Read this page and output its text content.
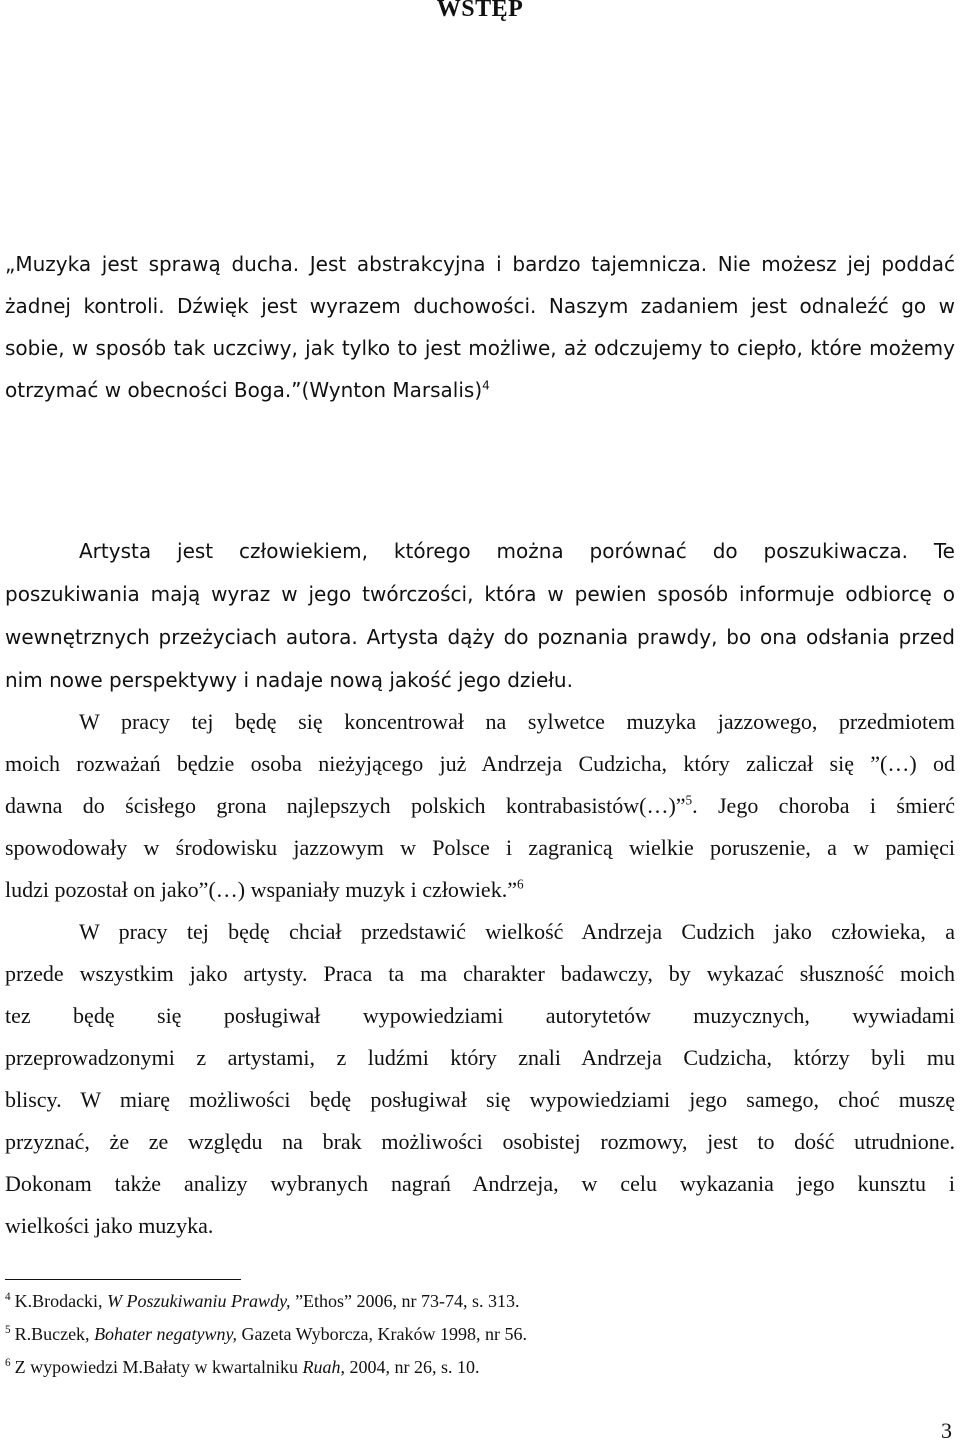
WSTĘP
„Muzyka jest sprawą ducha. Jest abstrakcyjna i bardzo tajemnicza. Nie możesz jej poddać
żadnej kontroli. Dźwięk jest wyrazem duchowości. Naszym zadaniem jest odnaleźć go w
sobie, w sposób tak uczciwy, jak tylko to jest możliwe, aż odczujemy to ciepło, które możemy
otrzymać w obecności Boga.”(Wynton Marsalis)$^4$
Artysta jest człowiekiem, którego można porównać do poszukiwacza. Te
poszukiwania mają wyraz w jego twórczości, która w pewien sposób informuje odbiorcę o
wewnętrznych przeżyciach autora. Artysta dąży do poznania prawdy, bo ona odsłania przed
nim nowe perspektywy i nadaje nową jakość jego dziełu.
W pracy tej będę się koncentrował na sylwetce muzyka jazzowego, przedmiotem
moich rozważań będzie osoba nieżyjącego już Andrzeja Cudzicha, który zaliczał się ”(…) od
dawna do ścisłego grona najlepszych polskich kontrabasistów(…)”$^5$. Jego choroba i śmierć
spowodowały w środowisku jazzowym w Polsce i zagranicą wielkie poruszenie, a w pamięci
ludzi pozostał on jako”(…) wspaniały muzyk i człowiek.”$^6$
W pracy tej będę chciał przedstawić wielkość Andrzeja Cudzich jako człowieka, a
przede wszystkim jako artysty. Praca ta ma charakter badawczy, by wykazać słuszność moich
tez będę się posługiwał wypowiedziami autorytetów muzycznych, wywiadami
przeprowadzonymi z artystami, z ludźmi który znali Andrzeja Cudzicha, którzy byli mu
bliscy. W miarę możliwości będę posługiwał się wypowiedziami jego samego, choć muszę
przyznać, że ze względu na brak możliwości osobistej rozmowy, jest to dość utrudnione.
Dokonam także analizy wybranych nagrań Andrzeja, w celu wykazania jego kunsztu i
wielkości jako muzyka.
$^4$ K.Brodacki, W Poszukiwaniu Prawdy, ”Ethos” 2006, nr 73-74, s. 313.
$^5$ R.Buczek, Bohater negatywny, Gazeta Wyborcza, Kraków 1998, nr 56.
$^6$ Z wypowiedzi M.Bałaty w kwartalniku Ruah, 2004, nr 26, s. 10.
3
